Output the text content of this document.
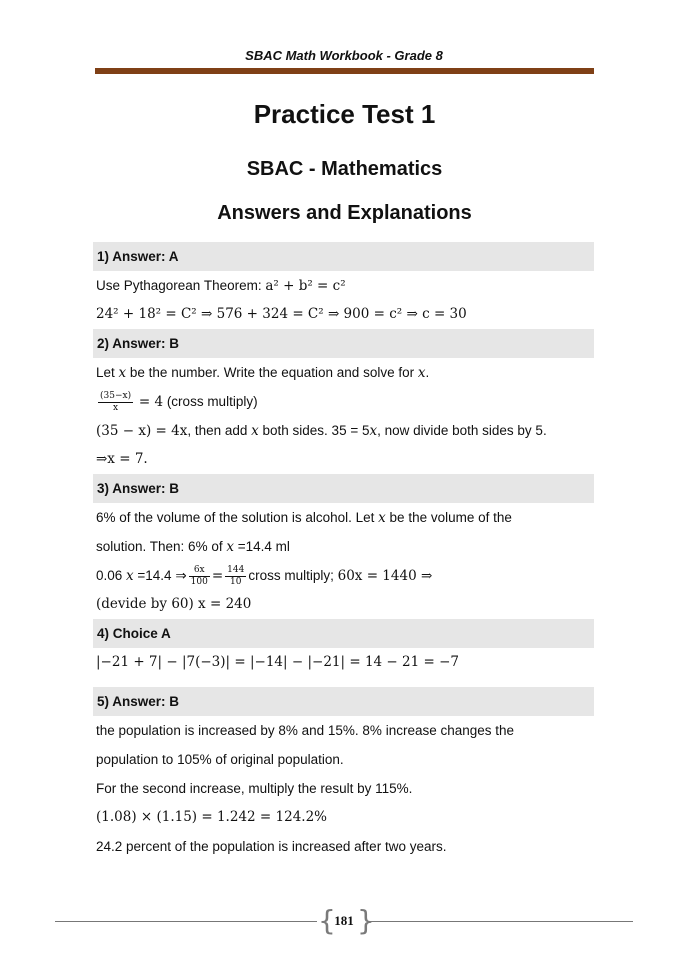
SBAC Math Workbook - Grade 8
Practice Test 1
SBAC - Mathematics
Answers and Explanations
1) Answer: A
Use Pythagorean Theorem: a² + b² = c²
24² + 18² = C² ⇒ 576 + 324 = C² ⇒ 900 = c² ⇒ c = 30
2) Answer: B
Let x be the number. Write the equation and solve for x.
$\frac{(35-x)}{x} = 4$ (cross multiply)
(35 − x) = 4x, then add x both sides. 35 = 5x, now divide both sides by 5.
⇒x = 7.
3) Answer: B
6% of the volume of the solution is alcohol. Let x be the volume of the
solution. Then: 6% of x =14.4 ml
0.06 x =14.4 ⇒ $\frac{6x}{100} = \frac{144}{10}$ cross multiply; 60x = 1440 ⇒
(devide by 60) x = 240
4) Choice A
|−21 + 7| − |7(−3)| = |−14| − |−21| = 14 − 21 = −7
5) Answer: B
the population is increased by 8% and 15%. 8% increase changes the
population to 105% of original population.
For the second increase, multiply the result by 115%.
(1.08) × (1.15) = 1.242 = 124.2%
24.2 percent of the population is increased after two years.
{ }
181
